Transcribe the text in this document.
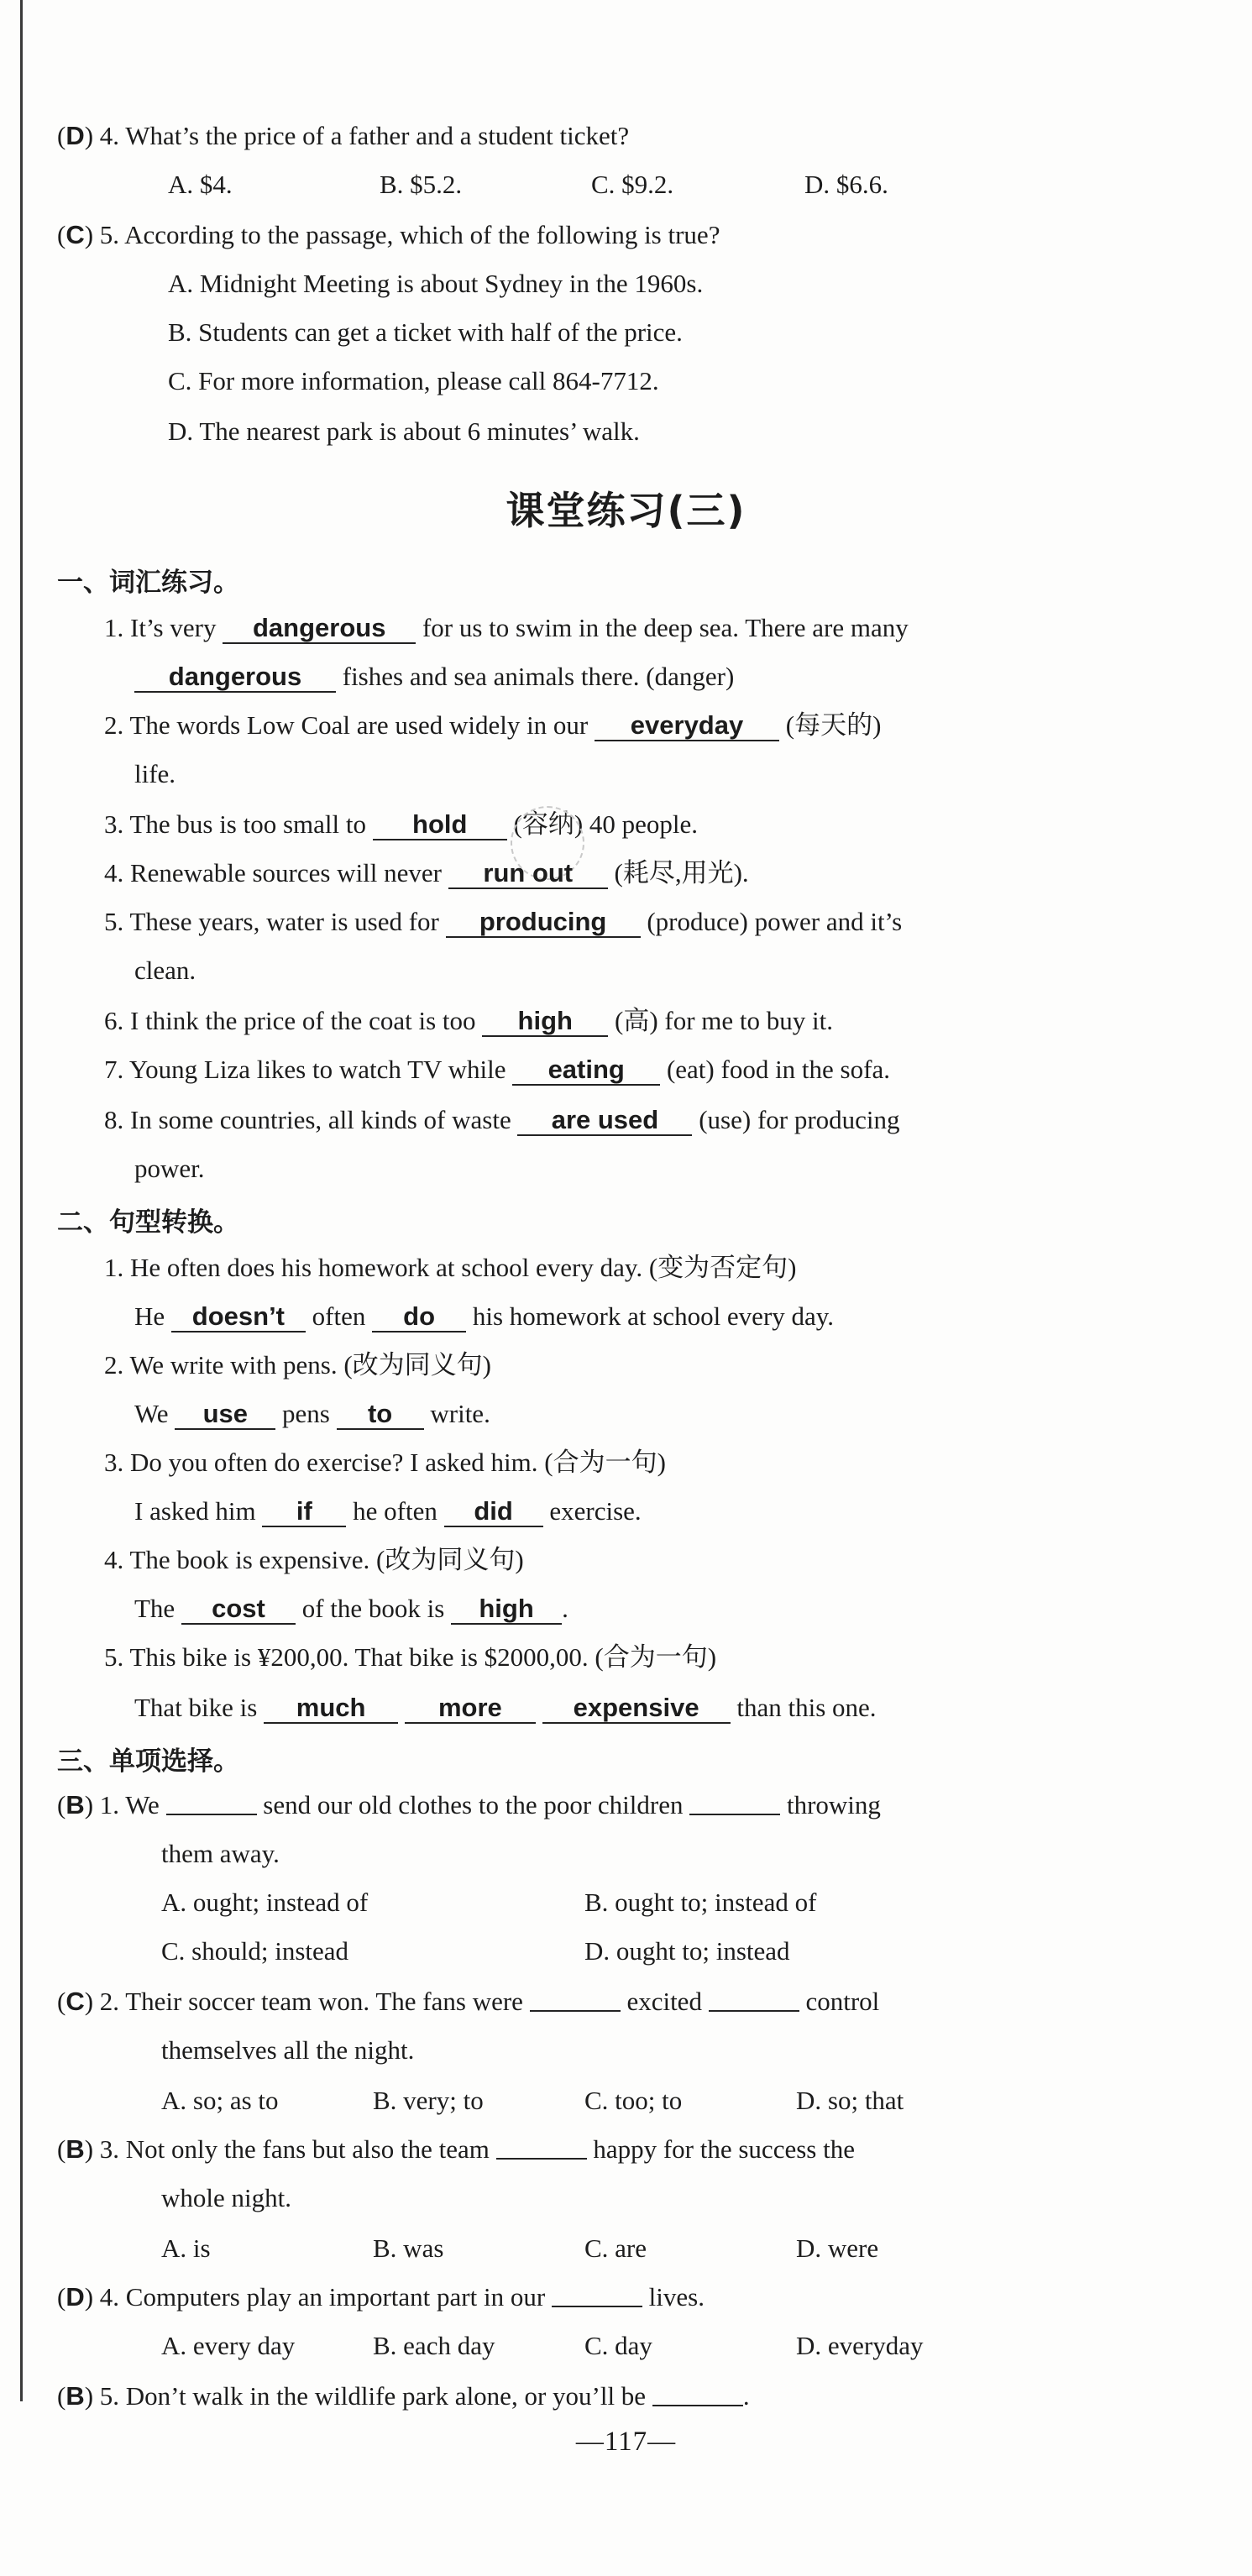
(D) 4. What’s the price of a father and a student ticket?
A. $4.	B. $5.2.	C. $9.2.	D. $6.6.
(C) 5. According to the passage, which of the following is true?
A. Midnight Meeting is about Sydney in the 1960s.
B. Students can get a ticket with half of the price.
C. For more information, please call 864-7712.
D. The nearest park is about 6 minutes’ walk.
课堂练习(三)
一、词汇练习。
1. It’s very dangerous for us to swim in the deep sea. There are many
dangerous fishes and sea animals there. (danger)
2. The words Low Coal are used widely in our everyday (每天的)
life.
3. The bus is too small to hold (容纳) 40 people.
4. Renewable sources will never run out (耗尽,用光).
5. These years, water is used for producing (produce) power and it’s
clean.
6. I think the price of the coat is too high (高) for me to buy it.
7. Young Liza likes to watch TV while eating (eat) food in the sofa.
8. In some countries, all kinds of waste are used (use) for producing
power.
二、句型转换。
1. He often does his homework at school every day. (变为否定句)
He doesn’t often do his homework at school every day.
2. We write with pens. (改为同义句)
We use pens to write.
3. Do you often do exercise? I asked him. (合为一句)
I asked him if he often did exercise.
4. The book is expensive. (改为同义句)
The cost of the book is high .
5. This bike is ¥200,00. That bike is $2000,00. (合为一句)
That bike is much	more	expensive than this one.
三、单项选择。
(B) 1. We	send our old clothes to the poor children	throwing
them away.
A. ought; instead of	B. ought to; instead of
C. should; instead	D. ought to; instead
(C) 2. Their soccer team won. The fans were	excited	control
themselves all the night.
A. so; as to	B. very; to	C. too; to	D. so; that
(B) 3. Not only the fans but also the team	happy for the success the
whole night.
A. is	B. was	C. are	D. were
(D) 4. Computers play an important part in our	lives.
A. every day	B. each day	C. day	D. everyday
(B) 5. Don’t walk in the wildlife park alone, or you’ll be	.
—117—
